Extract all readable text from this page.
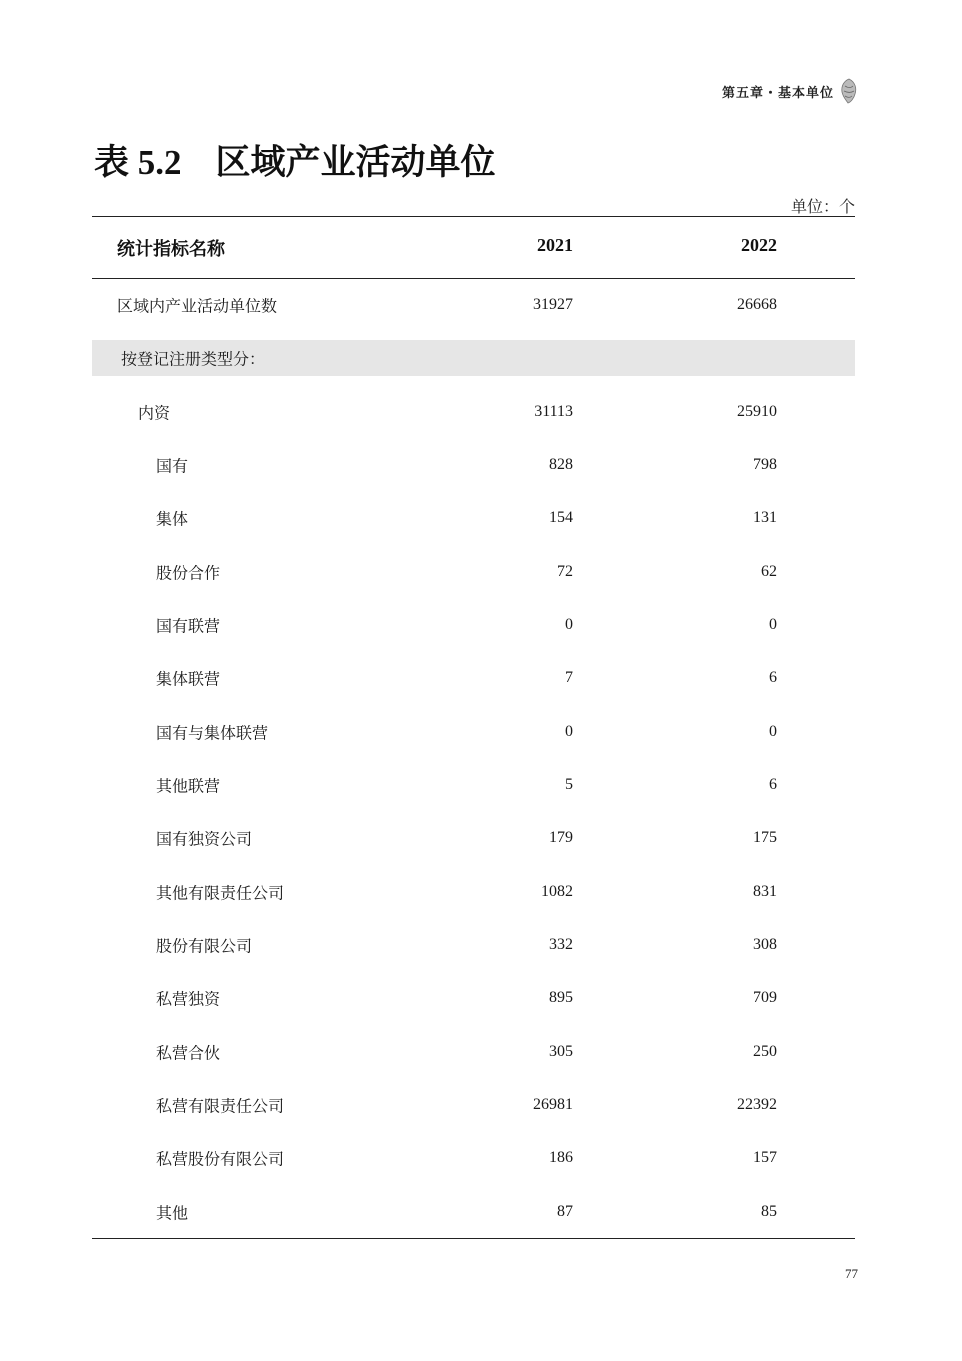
第五章・基本单位
表 5.2 区域产业活动单位
单位：个
统计指标名称	2021	2022
区域内产业活动单位数	31927	26668
按登记注册类型分：
内资	31113	25910
国有	828	798
集体	154	131
股份合作	72	62
国有联营	0	0
集体联营	7	6
国有与集体联营	0	0
其他联营	5	6
国有独资公司	179	175
其他有限责任公司	1082	831
股份有限公司	332	308
私营独资	895	709
私营合伙	305	250
私营有限责任公司	26981	22392
私营股份有限公司	186	157
其他	87	85
77
